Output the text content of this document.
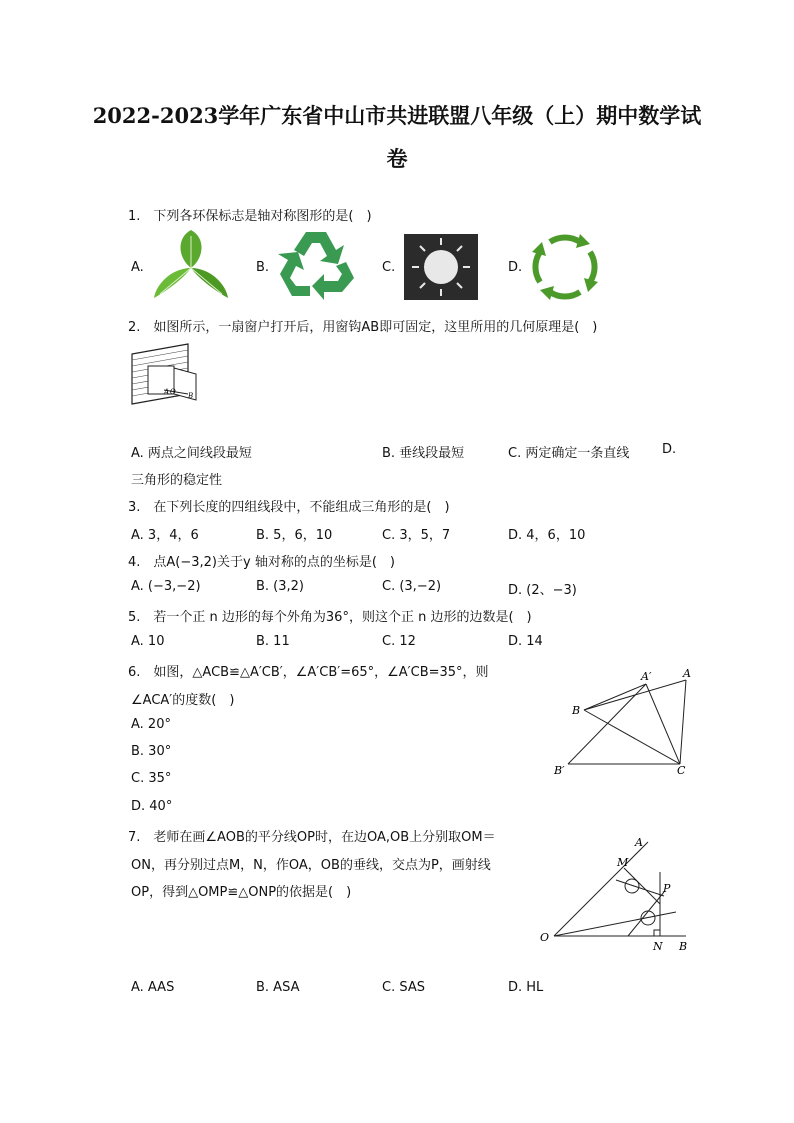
2022-2023学年广东省中山市共进联盟八年级（上）期中数学试
卷
1.　下列各环保标志是轴对称图形的是(　)
A.	B.	C.	D.
2.　如图所示，一扇窗户打开后，用窗钩AB即可固定，这里所用的几何原理是(　)
A O B
A. 两点之间线段最短	B. 垂线段最短	C. 两定确定一条直线	D.
三角形的稳定性
3.　在下列长度的四组线段中，不能组成三角形的是(　)
A. 3，4，6	B. 5，6，10	C. 3，5，7	D. 4，6，10
4.　点A(−3,2)关于y 轴对称的点的坐标是(　)
A. (−3,−2)	B. (3,2)	C. (3,−2)	D. (2、−3)
5.　若一个正 n 边形的每个外角为36°，则这个正 n 边形的边数是(　)
A. 10	B. 11	C. 12	D. 14
6.　如图，△ACB≌△A′CB′，∠A′CB′=65°，∠A′CB=35°，则
∠ACA′的度数(　)
A. 20°
B. 30°
C. 35°
D. 40°
A′	A
B
B′	C
7.　老师在画∠AOB的平分线OP时，在边OA,OB上分别取OM＝
ON，再分别过点M，N，作OA，OB的垂线，交点为P，画射线
OP，得到△OMP≌△ONP的依据是(　)
A
M
P
O
N B
A. AAS	B. ASA	C. SAS	D. HL
